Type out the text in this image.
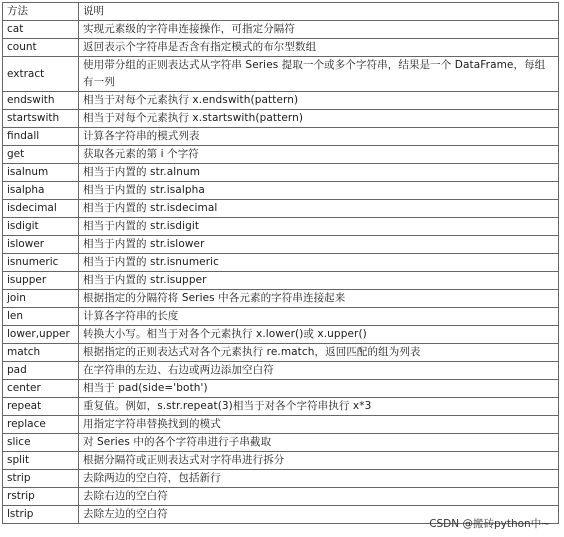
方法	说明
cat	实现元素级的字符串连接操作，可指定分隔符
count	返回表示个字符串是否含有指定模式的布尔型数组
extract	使用带分组的正则表达式从字符串 Series 提取一个或多个字符串，结果是一个 DataFrame，每组有一列
endswith	相当于对每个元素执行 x.endswith(pattern)
startswith	相当于对每个元素执行 x.startswith(pattern)
findall	计算各字符串的模式列表
get	获取各元素的第 i 个字符
isalnum	相当于内置的 str.alnum
isalpha	相当于内置的 str.isalpha
isdecimal	相当于内置的 str.isdecimal
isdigit	相当于内置的 str.isdigit
islower	相当于内置的 str.islower
isnumeric	相当于内置的 str.isnumeric
isupper	相当于内置的 str.isupper
join	根据指定的分隔符将 Series 中各元素的字符串连接起来
len	计算各字符串的长度
lower,upper	转换大小写。相当于对各个元素执行 x.lower()或 x.upper()
match	根据指定的正则表达式对各个元素执行 re.match，返回匹配的组为列表
pad	在字符串的左边、右边或两边添加空白符
center	相当于 pad(side='both')
repeat	重复值。例如，s.str.repeat(3)相当于对各个字符串执行 x*3
replace	用指定字符串替换找到的模式
slice	对 Series 中的各个字符串进行子串截取
split	根据分隔符或正则表达式对字符串进行拆分
strip	去除两边的空白符，包括新行
rstrip	去除右边的空白符
lstrip	去除左边的空白符
CSDN @搬砖python中~
